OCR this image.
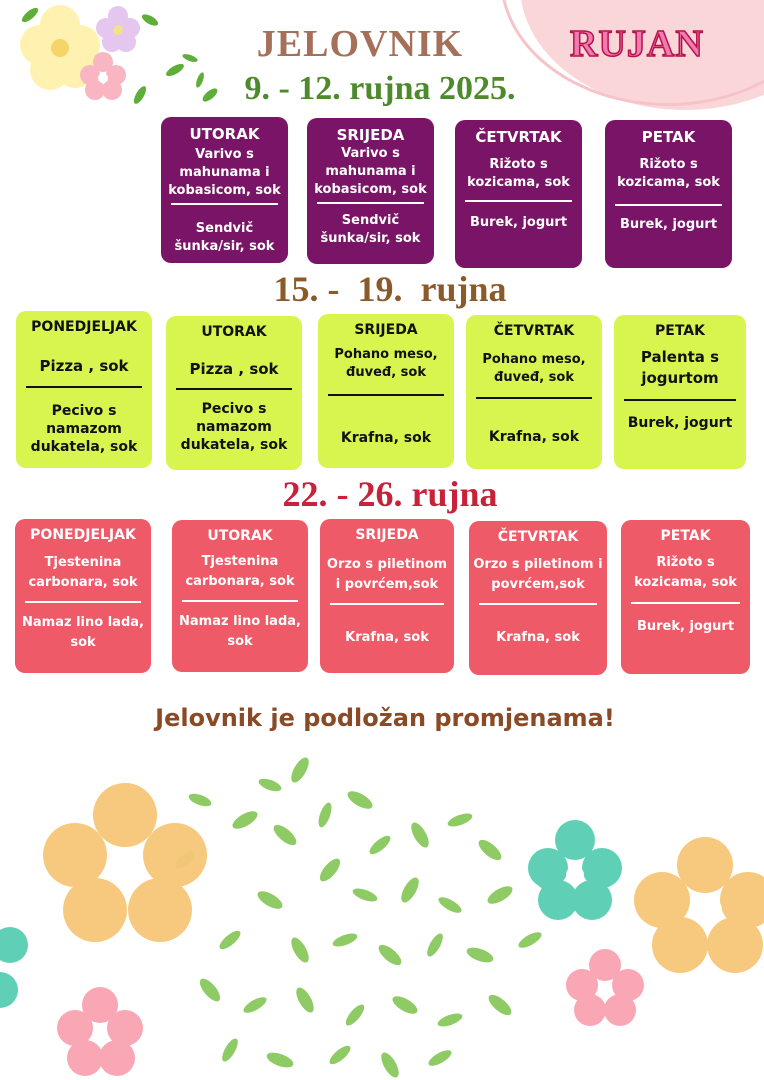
RUJAN
JELOVNIK
9. - 12. rujna 2025.
UTORAK
Varivo s mahunama i kobasicom, sok
Sendvič šunka/sir, sok
SRIJEDA
Varivo s mahunama i kobasicom, sok
Sendvič šunka/sir, sok
ČETVRTAK
Rižoto s kozicama, sok
Burek, jogurt
PETAK
Rižoto s kozicama, sok
Burek, jogurt
15. -  19.  rujna
PONEDJELJAK
Pizza , sok
Pecivo s namazom dukatela, sok
UTORAK
Pizza , sok
Pecivo s namazom dukatela, sok
SRIJEDA
Pohano meso, đuveđ, sok
Krafna, sok
ČETVRTAK
Pohano meso, đuveđ, sok
Krafna, sok
PETAK
Palenta s jogurtom
Burek, jogurt
22. - 26. rujna
PONEDJELJAK
Tjestenina carbonara, sok
Namaz lino lada, sok
UTORAK
Tjestenina carbonara, sok
Namaz lino lada, sok
SRIJEDA
Orzo s piletinom i povrćem,sok
Krafna, sok
ČETVRTAK
Orzo s piletinom i povrćem,sok
Krafna, sok
PETAK
Rižoto s kozicama, sok
Burek, jogurt
Jelovnik je podložan promjenama!
